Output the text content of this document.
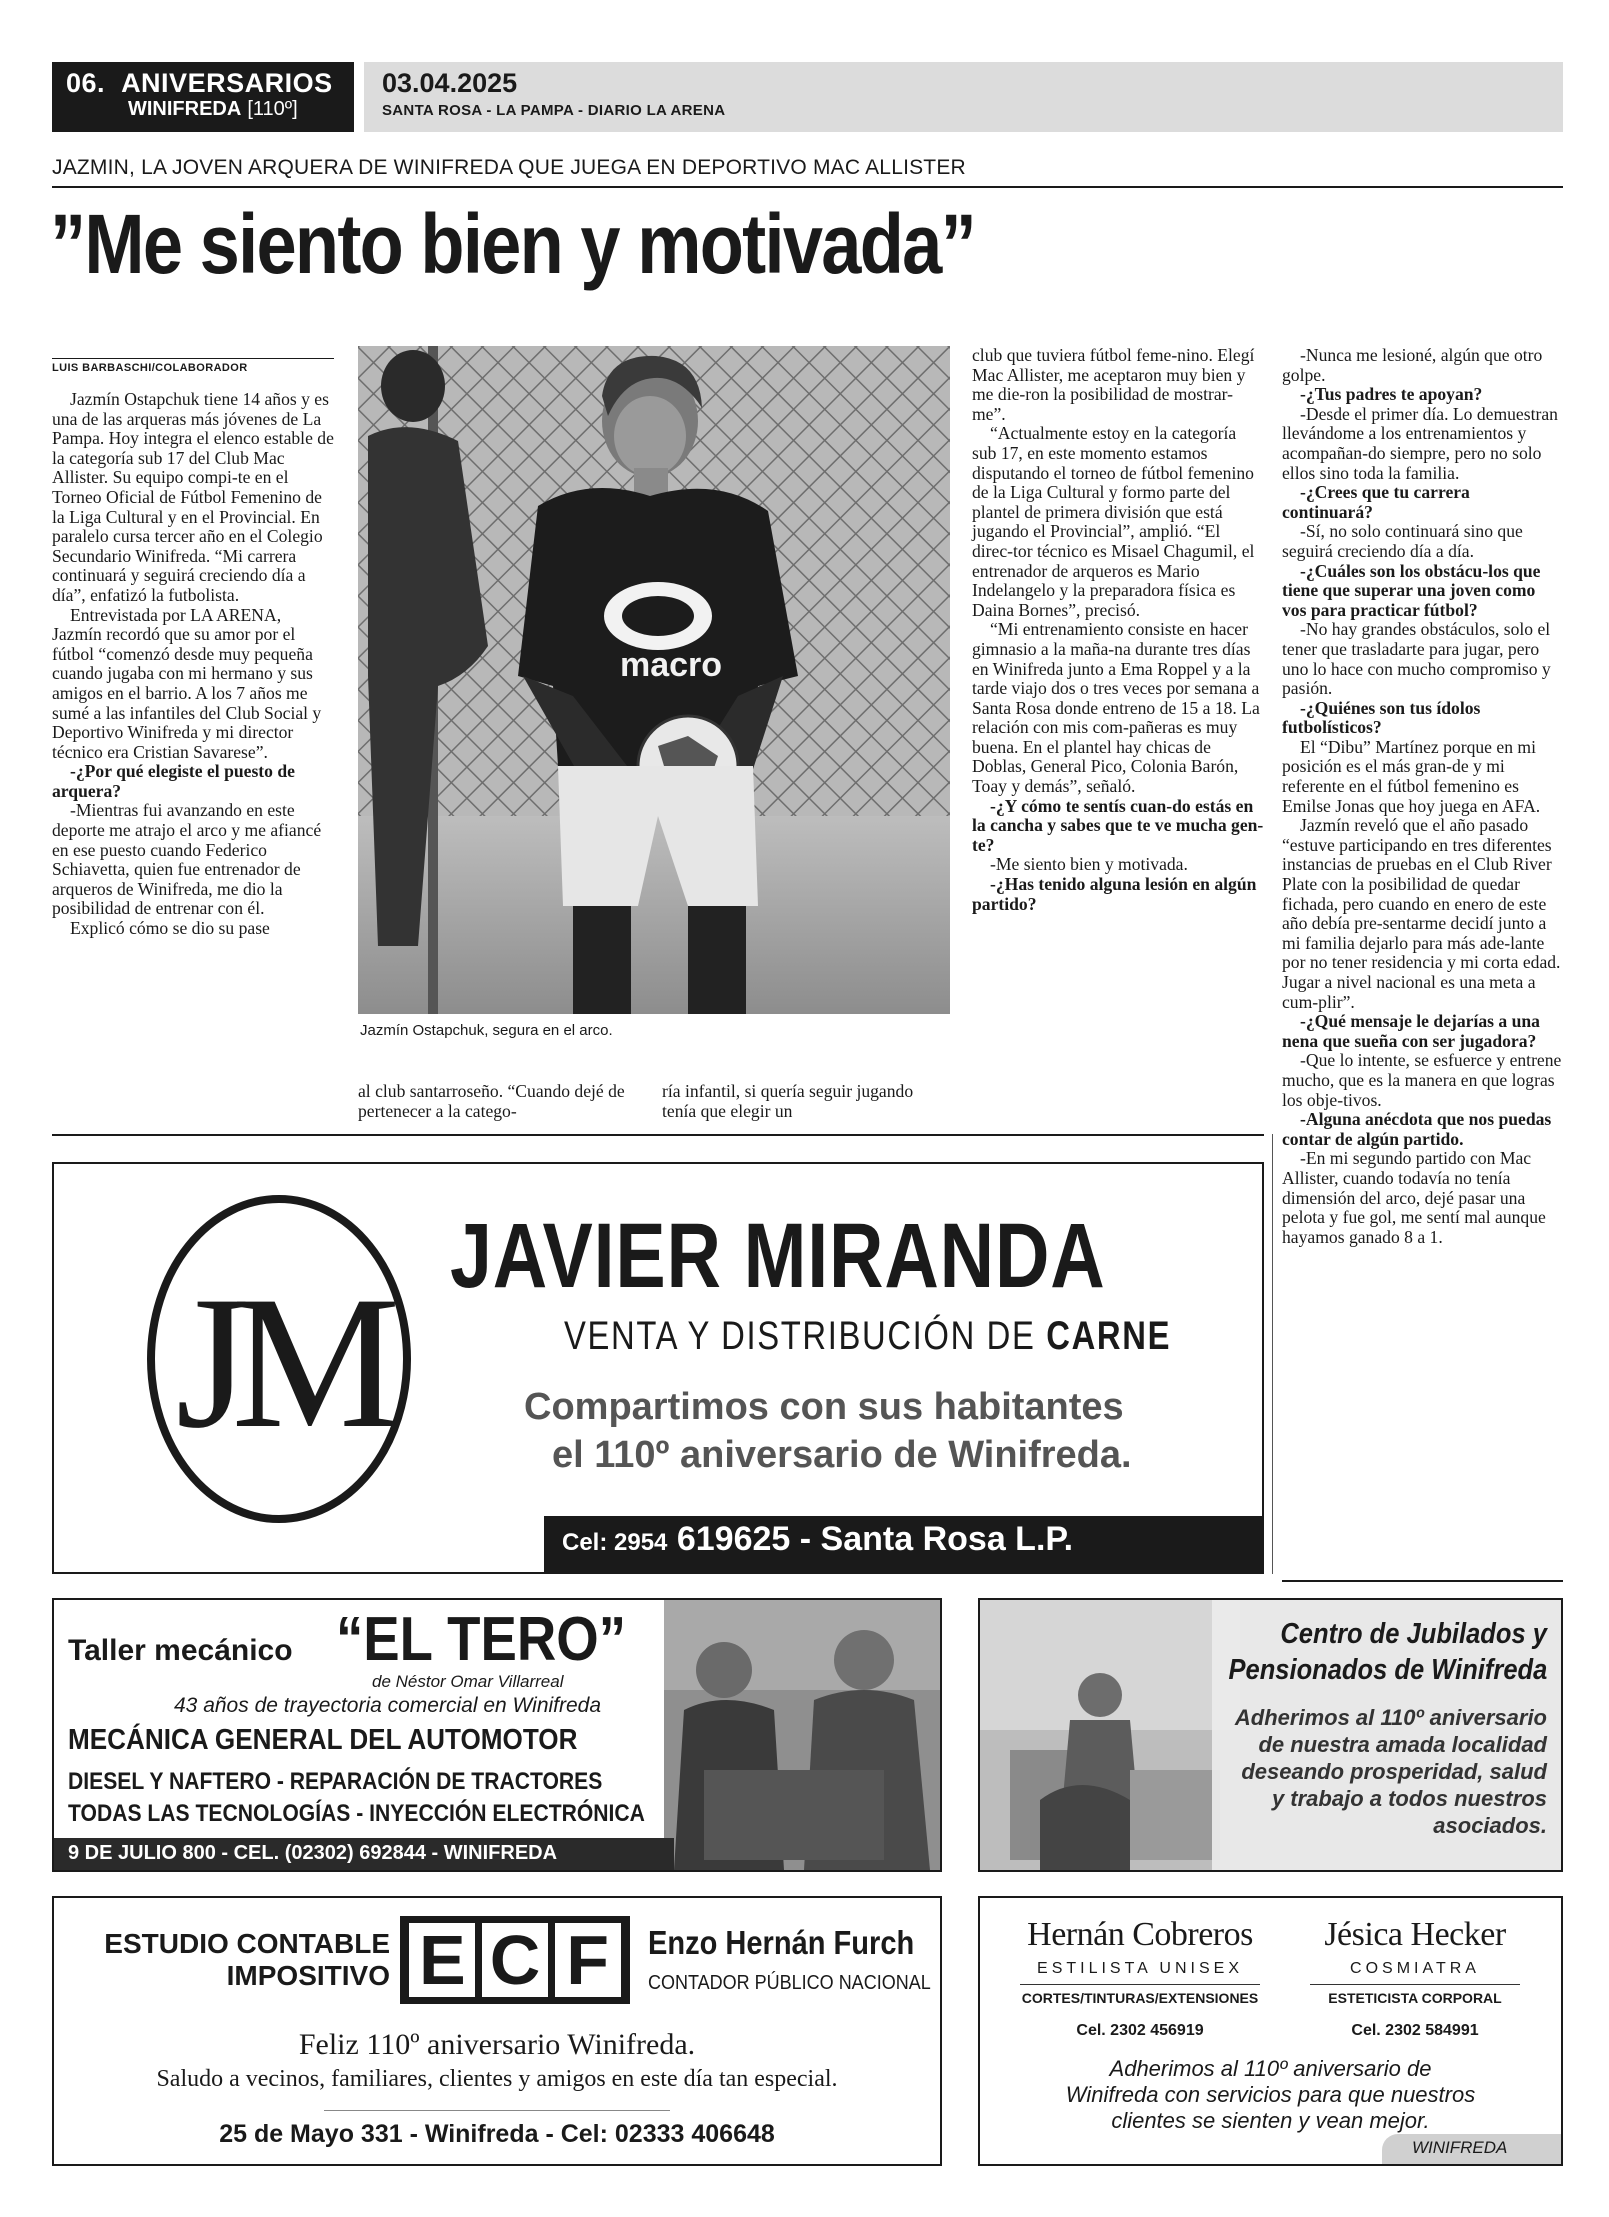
06. ANIVERSARIOS
WINIFREDA [110º]
03.04.2025
SANTA ROSA - LA PAMPA - DIARIO LA ARENA
JAZMIN, LA JOVEN ARQUERA DE WINIFREDA QUE JUEGA EN DEPORTIVO MAC ALLISTER
”Me siento bien y motivada”
LUIS BARBASCHI/COLABORADOR

Jazmín Ostapchuk tiene 14 años y es una de las arqueras más jóvenes de La Pampa. Hoy integra el elenco estable de la categoría sub 17 del Club Mac Allister. Su equipo compi-te en el Torneo Oficial de Fútbol Femenino de la Liga Cultural y en el Provincial. En paralelo cursa tercer año en el Colegio Secundario Winifreda. “Mi carrera continuará y seguirá creciendo día a día”, enfatizó la futbolista.

Entrevistada por LA ARENA, Jazmín recordó que su amor por el fútbol “comenzó desde muy pequeña cuando jugaba con mi hermano y sus amigos en el barrio. A los 7 años me sumé a las infantiles del Club Social y Deportivo Winifreda y mi director técnico era Cristian Savarese”.

-¿Por qué elegiste el puesto de arquera?

-Mientras fui avanzando en este deporte me atrajo el arco y me afiancé en ese puesto cuando Federico Schiavetta, quien fue entrenador de arqueros de Winifreda, me dio la posibilidad de entrenar con él.

Explicó cómo se dio su pase

al club santarroseño. “Cuando dejé de pertenecer a la catego-

ría infantil, si quería seguir jugando tenía que elegir un

club que tuviera fútbol feme-nino. Elegí Mac Allister, me aceptaron muy bien y me die-ron la posibilidad de mostrar-me”.

“Actualmente estoy en la categoría sub 17, en este momento estamos disputando el torneo de fútbol femenino de la Liga Cultural y formo parte del plantel de primera división que está jugando el Provincial”, amplió. “El direc-tor técnico es Misael Chagumil, el entrenador de arqueros es Mario Indelangelo y la preparadora física es Daina Bornes”, precisó.

“Mi entrenamiento consiste en hacer gimnasio a la maña-na durante tres días en Winifreda junto a Ema Roppel y a la tarde viajo dos o tres veces por semana a Santa Rosa donde entreno de 15 a 18. La relación con mis com-pañeras es muy buena. En el plantel hay chicas de Doblas, General Pico, Colonia Barón, Toay y demás”, señaló.

-¿Y cómo te sentís cuan-do estás en la cancha y sabes que te ve mucha gen-te?

-Me siento bien y motivada.

-¿Has tenido alguna lesión en algún partido?

-Nunca me lesioné, algún que otro golpe.

-¿Tus padres te apoyan?

-Desde el primer día. Lo demuestran llevándome a los entrenamientos y acompañan-do siempre, pero no solo ellos sino toda la familia.

-¿Crees que tu carrera continuará?

-Sí, no solo continuará sino que seguirá creciendo día a día.

-¿Cuáles son los obstácu-los que tiene que superar una joven como vos para practicar fútbol?

-No hay grandes obstáculos, solo el tener que trasladarte para jugar, pero uno lo hace con mucho compromiso y pasión.

-¿Quiénes son tus ídolos futbolísticos?

El “Dibu” Martínez porque en mi posición es el más gran-de y mi referente en el fútbol femenino es Emilse Jonas que hoy juega en AFA.

Jazmín reveló que el año pasado “estuve participando en tres diferentes instancias de pruebas en el Club River Plate con la posibilidad de quedar fichada, pero cuando en enero de este año debía pre-sentarme decidí junto a mi familia dejarlo para más ade-lante por no tener residencia y mi corta edad. Jugar a nivel nacional es una meta a cum-plir”.

-¿Qué mensaje le dejarías a una nena que sueña con ser jugadora?

-Que lo intente, se esfuerce y entrene mucho, que es la manera en que logras los obje-tivos.

-Alguna anécdota que nos puedas contar de algún partido.

-En mi segundo partido con Mac Allister, cuando todavía no tenía dimensión del arco, dejé pasar una pelota y fue gol, me sentí mal aunque hayamos ganado 8 a 1.

macro
Jazmín Ostapchuk, segura en el arco.
JM
JAVIER MIRANDA
VENTA Y DISTRIBUCIÓN DE CARNE
Compartimos con sus habitantes
el 110º aniversario de Winifreda.
Cel: 2954 619625 - Santa Rosa L.P.
Taller mecánico “EL TERO”
de Néstor Omar Villarreal
43 años de trayectoria comercial en Winifreda
MECÁNICA GENERAL DEL AUTOMOTOR
DIESEL Y NAFTERO - REPARACIÓN DE TRACTORES
TODAS LAS TECNOLOGÍAS - INYECCIÓN ELECTRÓNICA
9 DE JULIO 800 - CEL. (02302) 692844 - WINIFREDA
Centro de Jubilados y
Pensionados de Winifreda
Adherimos al 110º aniversario
de nuestra amada localidad
deseando prosperidad, salud
y trabajo a todos nuestros
asociados.
ESTUDIO CONTABLE
IMPOSITIVO E C F	Enzo Hernán Furch
CONTADOR PÚBLICO NACIONAL
Feliz 110º aniversario Winifreda.
Saludo a vecinos, familiares, clientes y amigos en este día tan especial.
25 de Mayo 331 - Winifreda - Cel: 02333 406648
Hernán Cobreros
ESTILISTA UNISEX
CORTES/TINTURAS/EXTENSIONES
Cel. 2302 456919
Jésica Hecker
COSMIATRA
ESTETICISTA CORPORAL
Cel. 2302 584991
Adherimos al 110º aniversario de
Winifreda con servicios para que nuestros
clientes se sienten y vean mejor.
WINIFREDA
